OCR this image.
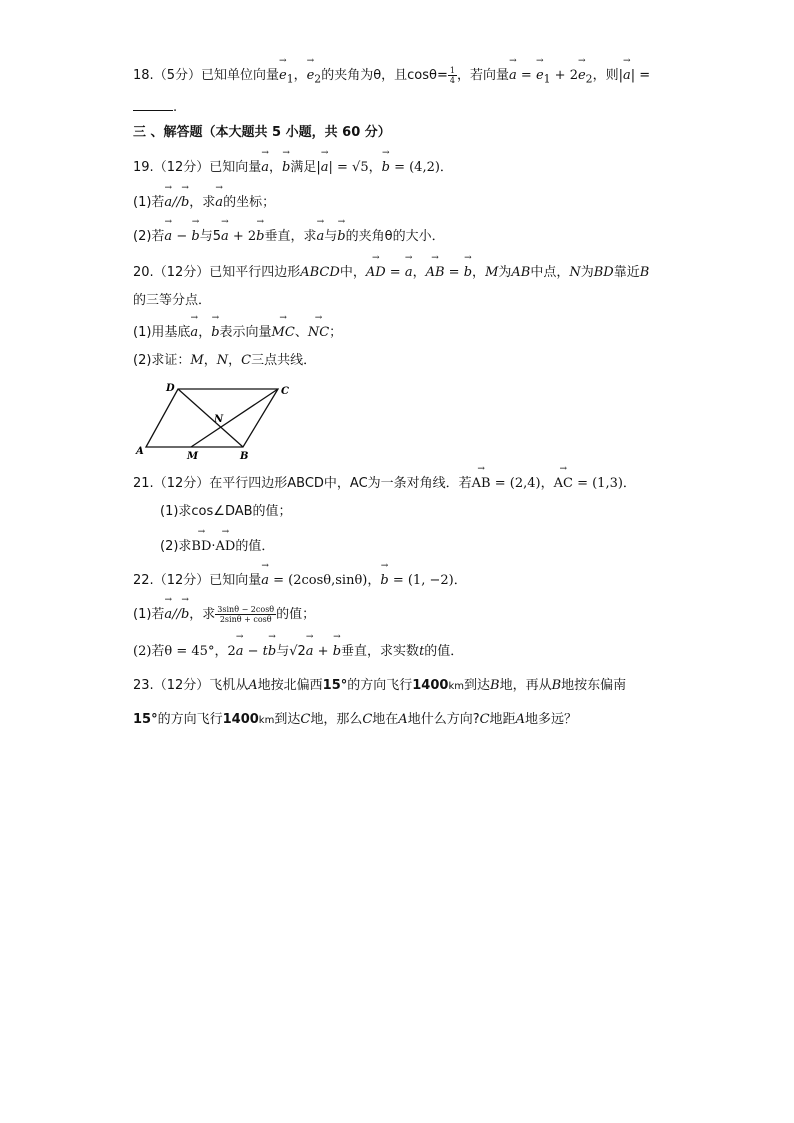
18.（5分）已知单位向量→ $e_1$，→ $e_2$的夹角为θ，且$\cos\theta= \frac{1}{4}$ ，若向量→ a = → $e_1 + 2\to e_2$，则|→ a| =
.
三 、解答题（本大题共 5 小题，共 60 分）
19.（12分）已知向量→ a，→ b满足|→ a| = √5，→ b = (4,2)．
(1)若→ a//→ b，求→ a的坐标；
(2)若→ a − → b与5→ a + 2→ b垂直，求→ a与→ b的夹角θ的大小．
20.（12分）已知平行四边形ABCD中，→ AD = → a，→ AB = → b，M为AB中点，N为BD靠近B
的三等分点．
(1)用基底→ a，→ b表示向量→ MC、→ NC；
(2)求证：M，N，C三点共线．
D	C
N
A	M	B
21.（12分）在平行四边形ABCD中，AC为一条对角线．若→ AB = (2,4)，→ AC = (1,3)．
(1)求cos∠DAB的值；
(2)求→ BD·→ AD的值．
22.（12分）已知向量→ a = (2cosθ,sinθ)，→ b = (1, −2)．
(1)若→ a//→ b，求 $\frac{3\sin\theta - 2\cos\theta}{2\sin\theta + \cos\theta}$ 的值；
(2)若θ = 45°，2→ a − t→ b与√2→ a + → b垂直，求实数t的值．
23.（12分）飞机从A地按北偏西15°的方向飞行1400km到达B地，再从B地按东偏南
15°的方向飞行1400km到达C地，那么C地在A地什么方向?C地距A地多远？
